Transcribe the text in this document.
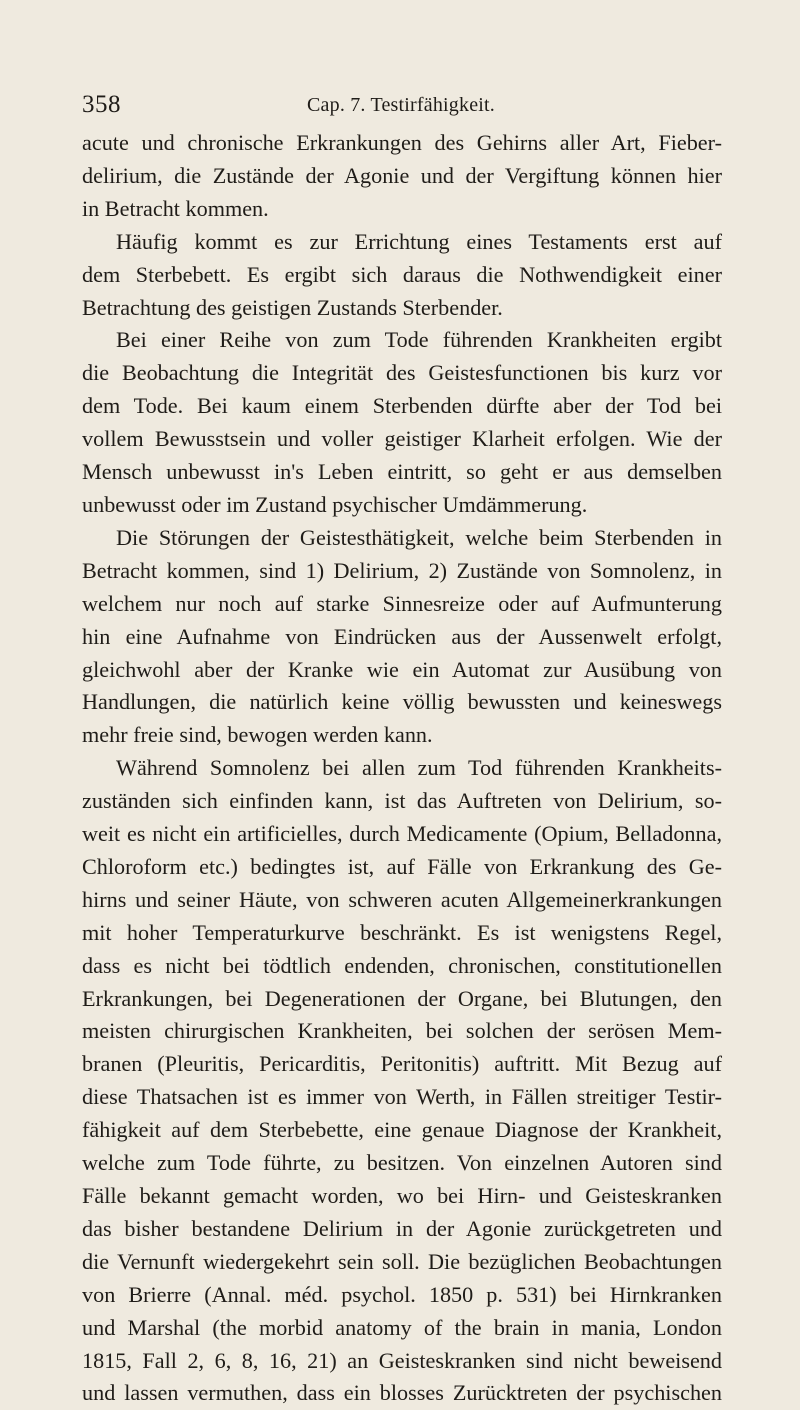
358	Cap. 7. Testirfähigkeit.
acute und chronische Erkrankungen des Gehirns aller Art, Fieber-
delirium, die Zustände der Agonie und der Vergiftung können hier
in Betracht kommen.
Häufig kommt es zur Errichtung eines Testaments erst auf
dem Sterbebett. Es ergibt sich daraus die Nothwendigkeit einer
Betrachtung des geistigen Zustands Sterbender.
Bei einer Reihe von zum Tode führenden Krankheiten ergibt
die Beobachtung die Integrität des Geistesfunctionen bis kurz vor
dem Tode. Bei kaum einem Sterbenden dürfte aber der Tod bei
vollem Bewusstsein und voller geistiger Klarheit erfolgen. Wie der
Mensch unbewusst in's Leben eintritt, so geht er aus demselben
unbewusst oder im Zustand psychischer Umdämmerung.
Die Störungen der Geistesthätigkeit, welche beim Sterbenden in
Betracht kommen, sind 1) Delirium, 2) Zustände von Somnolenz, in
welchem nur noch auf starke Sinnesreize oder auf Aufmunterung
hin eine Aufnahme von Eindrücken aus der Aussenwelt erfolgt,
gleichwohl aber der Kranke wie ein Automat zur Ausübung von
Handlungen, die natürlich keine völlig bewussten und keineswegs
mehr freie sind, bewogen werden kann.
Während Somnolenz bei allen zum Tod führenden Krankheits-
zuständen sich einfinden kann, ist das Auftreten von Delirium, so-
weit es nicht ein artificielles, durch Medicamente (Opium, Belladonna,
Chloroform etc.) bedingtes ist, auf Fälle von Erkrankung des Ge-
hirns und seiner Häute, von schweren acuten Allgemeinerkrankungen
mit hoher Temperaturkurve beschränkt. Es ist wenigstens Regel,
dass es nicht bei tödtlich endenden, chronischen, constitutionellen
Erkrankungen, bei Degenerationen der Organe, bei Blutungen, den
meisten chirurgischen Krankheiten, bei solchen der serösen Mem-
branen (Pleuritis, Pericarditis, Peritonitis) auftritt. Mit Bezug auf
diese Thatsachen ist es immer von Werth, in Fällen streitiger Testir-
fähigkeit auf dem Sterbebette, eine genaue Diagnose der Krankheit,
welche zum Tode führte, zu besitzen. Von einzelnen Autoren sind
Fälle bekannt gemacht worden, wo bei Hirn- und Geisteskranken
das bisher bestandene Delirium in der Agonie zurückgetreten und
die Vernunft wiedergekehrt sein soll. Die bezüglichen Beobachtungen
von Brierre (Annal. méd. psychol. 1850 p. 531) bei Hirnkranken
und Marshal (the morbid anatomy of the brain in mania, London
1815, Fall 2, 6, 8, 16, 21) an Geisteskranken sind nicht beweisend
und lassen vermuthen, dass ein blosses Zurücktreten der psychischen
